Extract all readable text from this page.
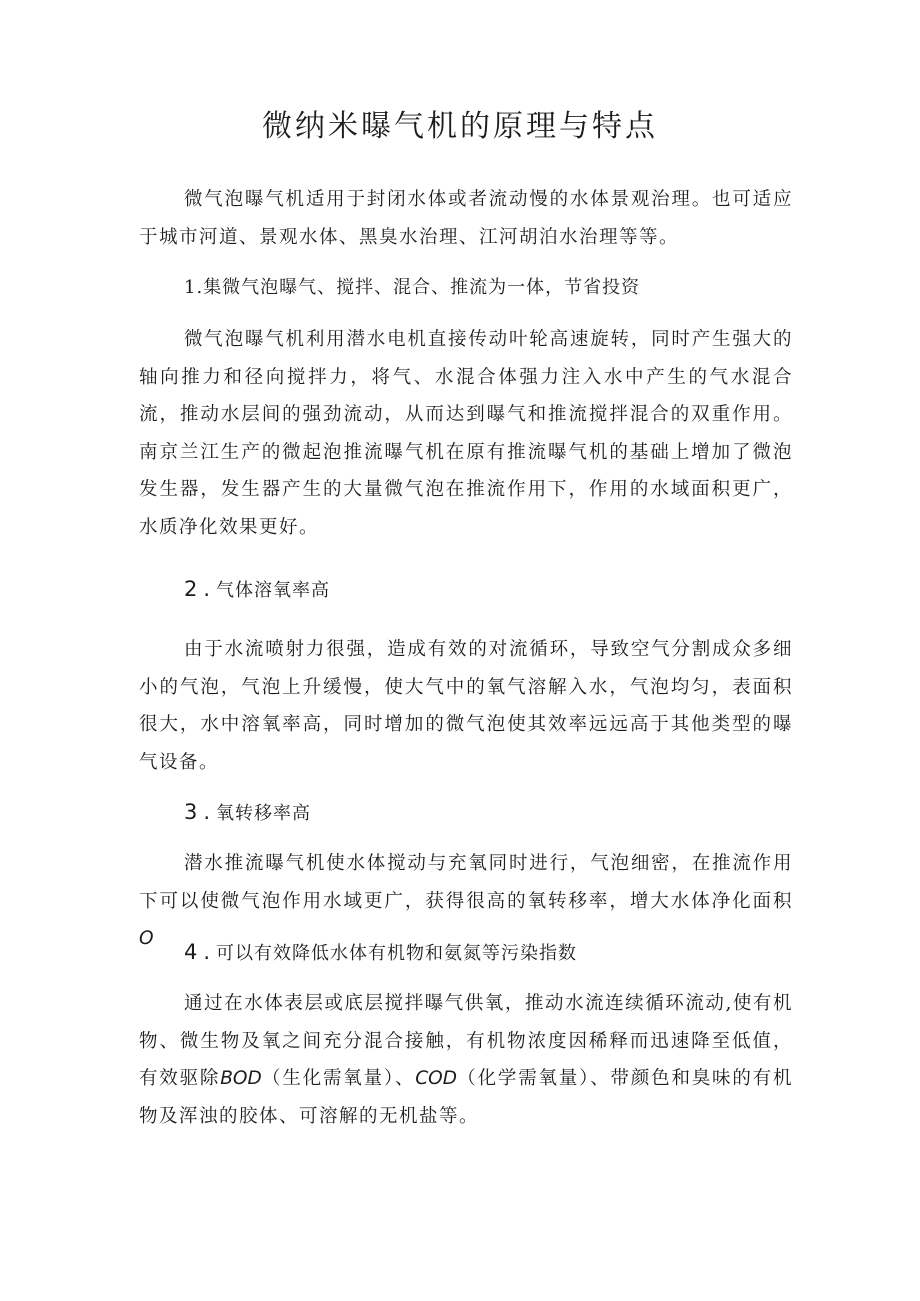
微纳米曝气机的原理与特点

微气泡曝气机适用于封闭水体或者流动慢的水体景观治理。也可适应于城市河道、景观水体、黑臭水治理、江河胡泊水治理等等。

1.集微气泡曝气、搅拌、混合、推流为一体，节省投资

微气泡曝气机利用潜水电机直接传动叶轮高速旋转，同时产生强大的轴向推力和径向搅拌力，将气、水混合体强力注入水中产生的气水混合流，推动水层间的强劲流动，从而达到曝气和推流搅拌混合的双重作用。南京兰江生产的微起泡推流曝气机在原有推流曝气机的基础上增加了微泡发生器，发生器产生的大量微气泡在推流作用下，作用的水域面积更广，水质净化效果更好。

2.气体溶氧率高

由于水流喷射力很强，造成有效的对流循环，导致空气分割成众多细小的气泡，气泡上升缓慢，使大气中的氧气溶解入水，气泡均匀，表面积很大，水中溶氧率高，同时增加的微气泡使其效率远远高于其他类型的曝气设备。

3.氧转移率高

潜水推流曝气机使水体搅动与充氧同时进行，气泡细密，在推流作用下可以使微气泡作用水域更广，获得很高的氧转移率，增大水体净化面积O

4.可以有效降低水体有机物和氨氮等污染指数

通过在水体表层或底层搅拌曝气供氧，推动水流连续循环流动,使有机物、微生物及氧之间充分混合接触，有机物浓度因稀释而迅速降至低值，有效驱除BOD（生化需氧量）、COD（化学需氧量）、带颜色和臭味的有机物及浑浊的胶体、可溶解的无机盐等。
